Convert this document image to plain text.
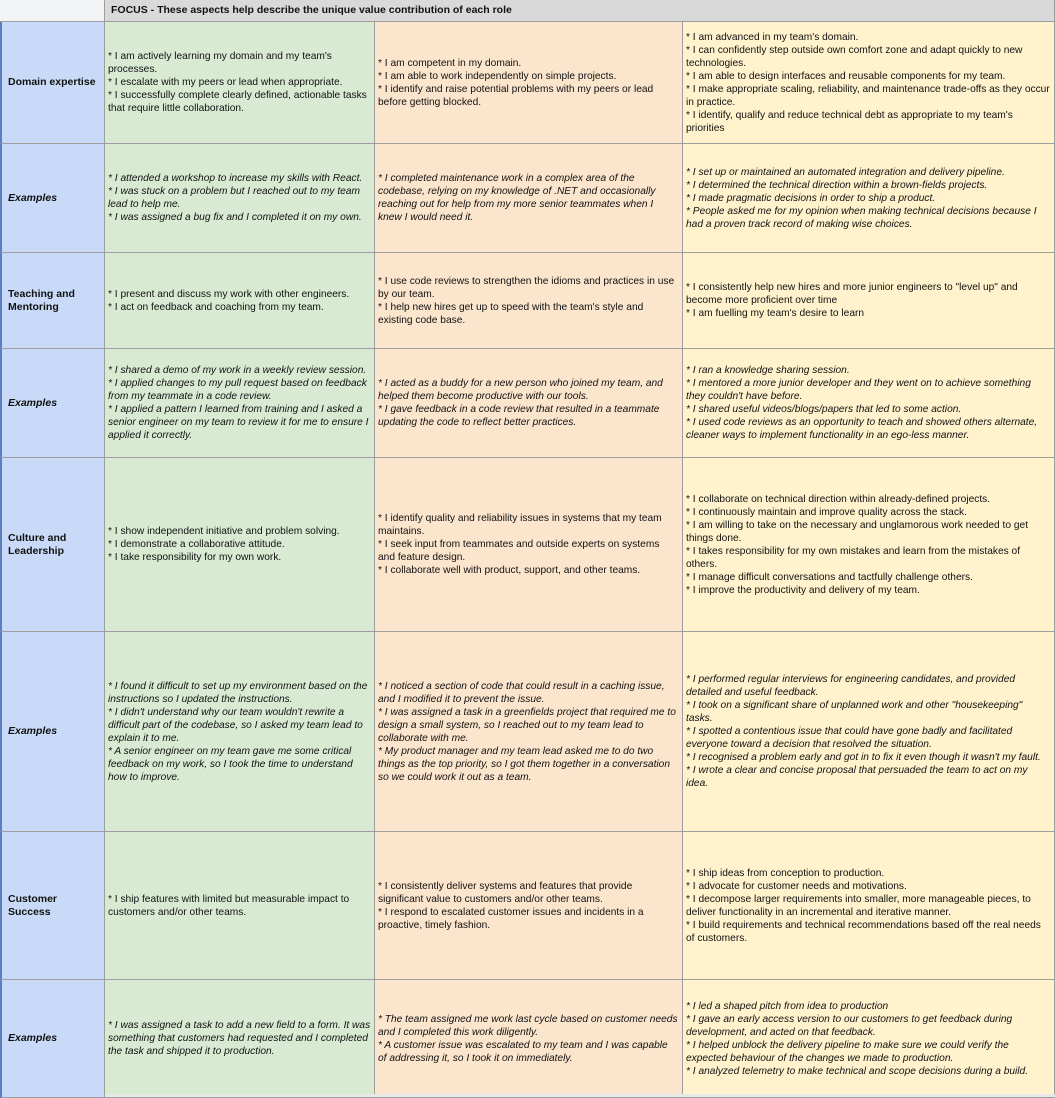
FOCUS - These aspects help describe the unique value contribution of each role
Domain expertise
* I am actively learning my domain and my team's processes.
* I escalate with my peers or lead when appropriate.
* I successfully complete clearly defined, actionable tasks that require little collaboration.
* I am competent in my domain.
* I am able to work independently on simple projects.
* I identify and raise potential problems with my peers or lead before getting blocked.
* I am advanced in my team's domain.
* I can confidently step outside own comfort zone and adapt quickly to new technologies.
* I am able to design interfaces and reusable components for my team.
* I make appropriate scaling, reliability, and maintenance trade-offs as they occur in practice.
* I identify, qualify and reduce technical debt as appropriate to my team's priorities
Examples
* I attended a workshop to increase my skills with React.
* I was stuck on a problem but I reached out to my team lead to help me.
* I was assigned a bug fix and I completed it on my own.
* I completed maintenance work in a complex area of the codebase, relying on my knowledge of .NET and occasionally reaching out for help from my more senior teammates when I knew I would need it.
* I set up or maintained an automated integration and delivery pipeline.
* I determined the technical direction within a brown-fields projects.
* I made pragmatic decisions in order to ship a product.
* People asked me for my opinion when making technical decisions because I had a proven track record of making wise choices.
Teaching and Mentoring
* I present and discuss my work with other engineers.
* I act on feedback and coaching from my team.
* I use code reviews to strengthen the idioms and practices in use by our team.
* I help new hires get up to speed with the team's style and existing code base.
* I consistently help new hires and more junior engineers to "level up" and become more proficient over time
* I am fuelling my team's desire to learn
Examples
* I shared a demo of my work in a weekly review session.
* I applied changes to my pull request based on feedback from my teammate in a code review.
* I applied a pattern I learned from training and I asked a senior engineer on my team to review it for me to ensure I applied it correctly.
* I acted as a buddy for a new person who joined my team, and helped them become productive with our tools.
* I gave feedback in a code review that resulted in a teammate updating the code to reflect better practices.
* I ran a knowledge sharing session.
* I mentored a more junior developer and they went on to achieve something they couldn't have before.
* I shared useful videos/blogs/papers that led to some action.
* I used code reviews as an opportunity to teach and showed others alternate, cleaner ways to implement functionality in an ego-less manner.
Culture and Leadership
* I show independent initiative and problem solving.
* I demonstrate a collaborative attitude.
* I take responsibility for my own work.
* I identify quality and reliability issues in systems that my team maintains.
* I seek input from teammates and outside experts on systems and feature design.
* I collaborate well with product, support, and other teams.
* I collaborate on technical direction within already-defined projects.
* I continuously maintain and improve quality across the stack.
* I am willing to take on the necessary and unglamorous work needed to get things done.
* I takes responsibility for my own mistakes and learn from the mistakes of others.
* I manage difficult conversations and tactfully challenge others.
* I improve the productivity and delivery of my team.
Examples
* I found it difficult to set up my environment based on the instructions so I updated the instructions.
* I didn't understand why our team wouldn't rewrite a difficult part of the codebase, so I asked my team lead to explain it to me.
* A senior engineer on my team gave me some critical feedback on my work, so I took the time to understand how to improve.
* I noticed a section of code that could result in a caching issue, and I modified it to prevent the issue.
* I was assigned a task in a greenfields project that required me to design a small system, so I reached out to my team lead to collaborate with me.
* My product manager and my team lead asked me to do two things as the top priority, so I got them together in a conversation so we could work it out as a team.
* I performed regular interviews for engineering candidates, and provided detailed and useful feedback.
* I took on a significant share of unplanned work and other "housekeeping" tasks.
* I spotted a contentious issue that could have gone badly and facilitated everyone toward a decision that resolved the situation.
* I recognised a problem early and got in to fix it even though it wasn't my fault.
* I wrote a clear and concise proposal that persuaded the team to act on my idea.
Customer Success
* I ship features with limited but measurable impact to customers and/or other teams.
* I consistently deliver systems and features that provide significant value to customers and/or other teams.
* I respond to escalated customer issues and incidents in a proactive, timely fashion.
* I ship ideas from conception to production.
* I advocate for customer needs and motivations.
* I decompose larger requirements into smaller, more manageable pieces, to deliver functionality in an incremental and iterative manner.
* I build requirements and technical recommendations based off the real needs of customers.
Examples
* I was assigned a task to add a new field to a form. It was something that customers had requested and I completed the task and shipped it to production.
* The team assigned me work last cycle based on customer needs and I completed this work diligently.
* A customer issue was escalated to my team and I was capable of addressing it, so I took it on immediately.
* I led a shaped pitch from idea to production
* I gave an early access version to our customers to get feedback during development, and acted on that feedback.
* I helped unblock the delivery pipeline to make sure we could verify the expected behaviour of the changes we made to production.
* I analyzed telemetry to make technical and scope decisions during a build.
